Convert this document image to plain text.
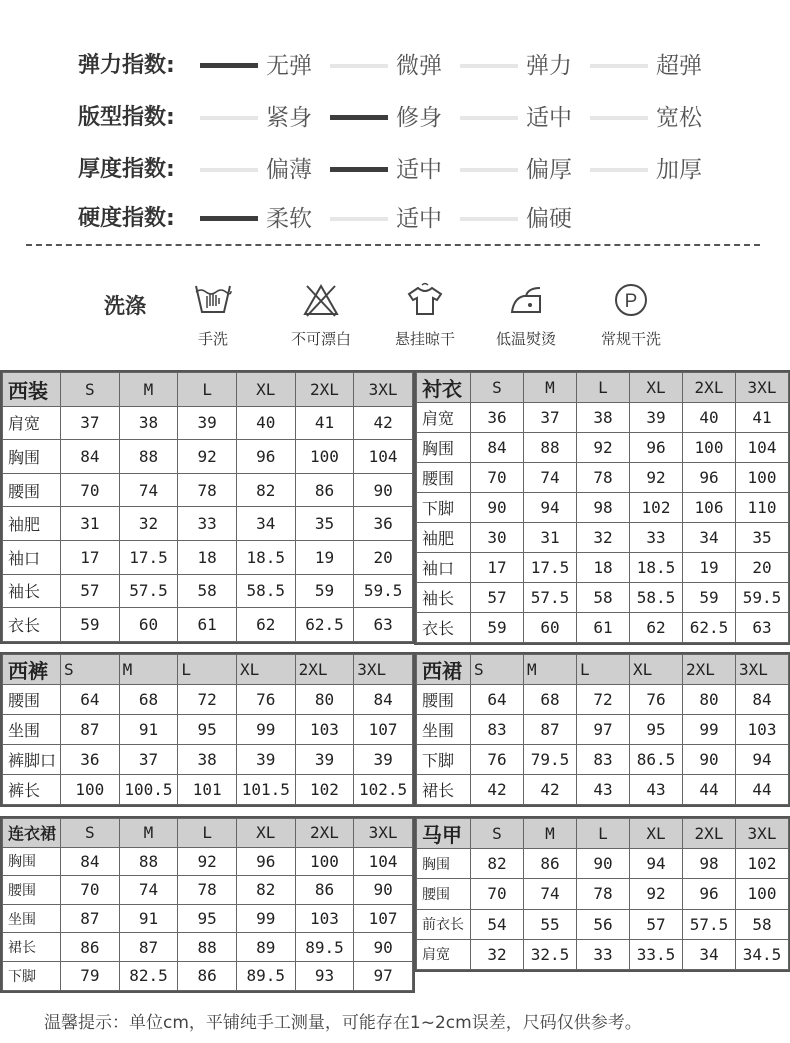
弹力指数:	无弹	微弹	弹力	超弹
版型指数:	紧身	修身	适中	宽松
厚度指数:	偏薄	适中	偏厚	加厚
硬度指数:	柔软	适中	偏硬
洗涤
手洗	不可漂白	悬挂晾干	低温熨烫
P
常规干洗
西装	S	M	L	XL	2XL	3XL
肩宽	37	38	39	40	41	42
胸围	84	88	92	96	100	104
腰围	70	74	78	82	86	90
袖肥	31	32	33	34	35	36
袖口	17	17.5	18	18.5	19	20
袖长	57	57.5	58	58.5	59	59.5
衣长	59	60	61	62	62.5	63
衬衣	S	M	L	XL	2XL	3XL
肩宽	36	37	38	39	40	41
胸围	84	88	92	96	100	104
腰围	70	74	78	92	96	100
下脚	90	94	98	102	106	110
袖肥	30	31	32	33	34	35
袖口	17	17.5	18	18.5	19	20
袖长	57	57.5	58	58.5	59	59.5
衣长	59	60	61	62	62.5	63
西裤	S	M	L	XL	2XL	3XL
腰围	64	68	72	76	80	84
坐围	87	91	95	99	103	107
裤脚口	36	37	38	39	39	39
裤长	100	100.5	101	101.5	102	102.5
西裙	S	M	L	XL	2XL	3XL
腰围	64	68	72	76	80	84
坐围	83	87	97	95	99	103
下脚	76	79.5	83	86.5	90	94
裙长	42	42	43	43	44	44
连衣裙	S	M	L	XL	2XL	3XL
胸围	84	88	92	96	100	104
腰围	70	74	78	82	86	90
坐围	87	91	95	99	103	107
裙长	86	87	88	89	89.5	90
下脚	79	82.5	86	89.5	93	97
马甲	S	M	L	XL	2XL	3XL
胸围	82	86	90	94	98	102
腰围	70	74	78	92	96	100
前衣长	54	55	56	57	57.5	58
肩宽	32	32.5	33	33.5	34	34.5
温馨提示：单位cm，平铺纯手工测量，可能存在1~2cm误差，尺码仅供参考。
